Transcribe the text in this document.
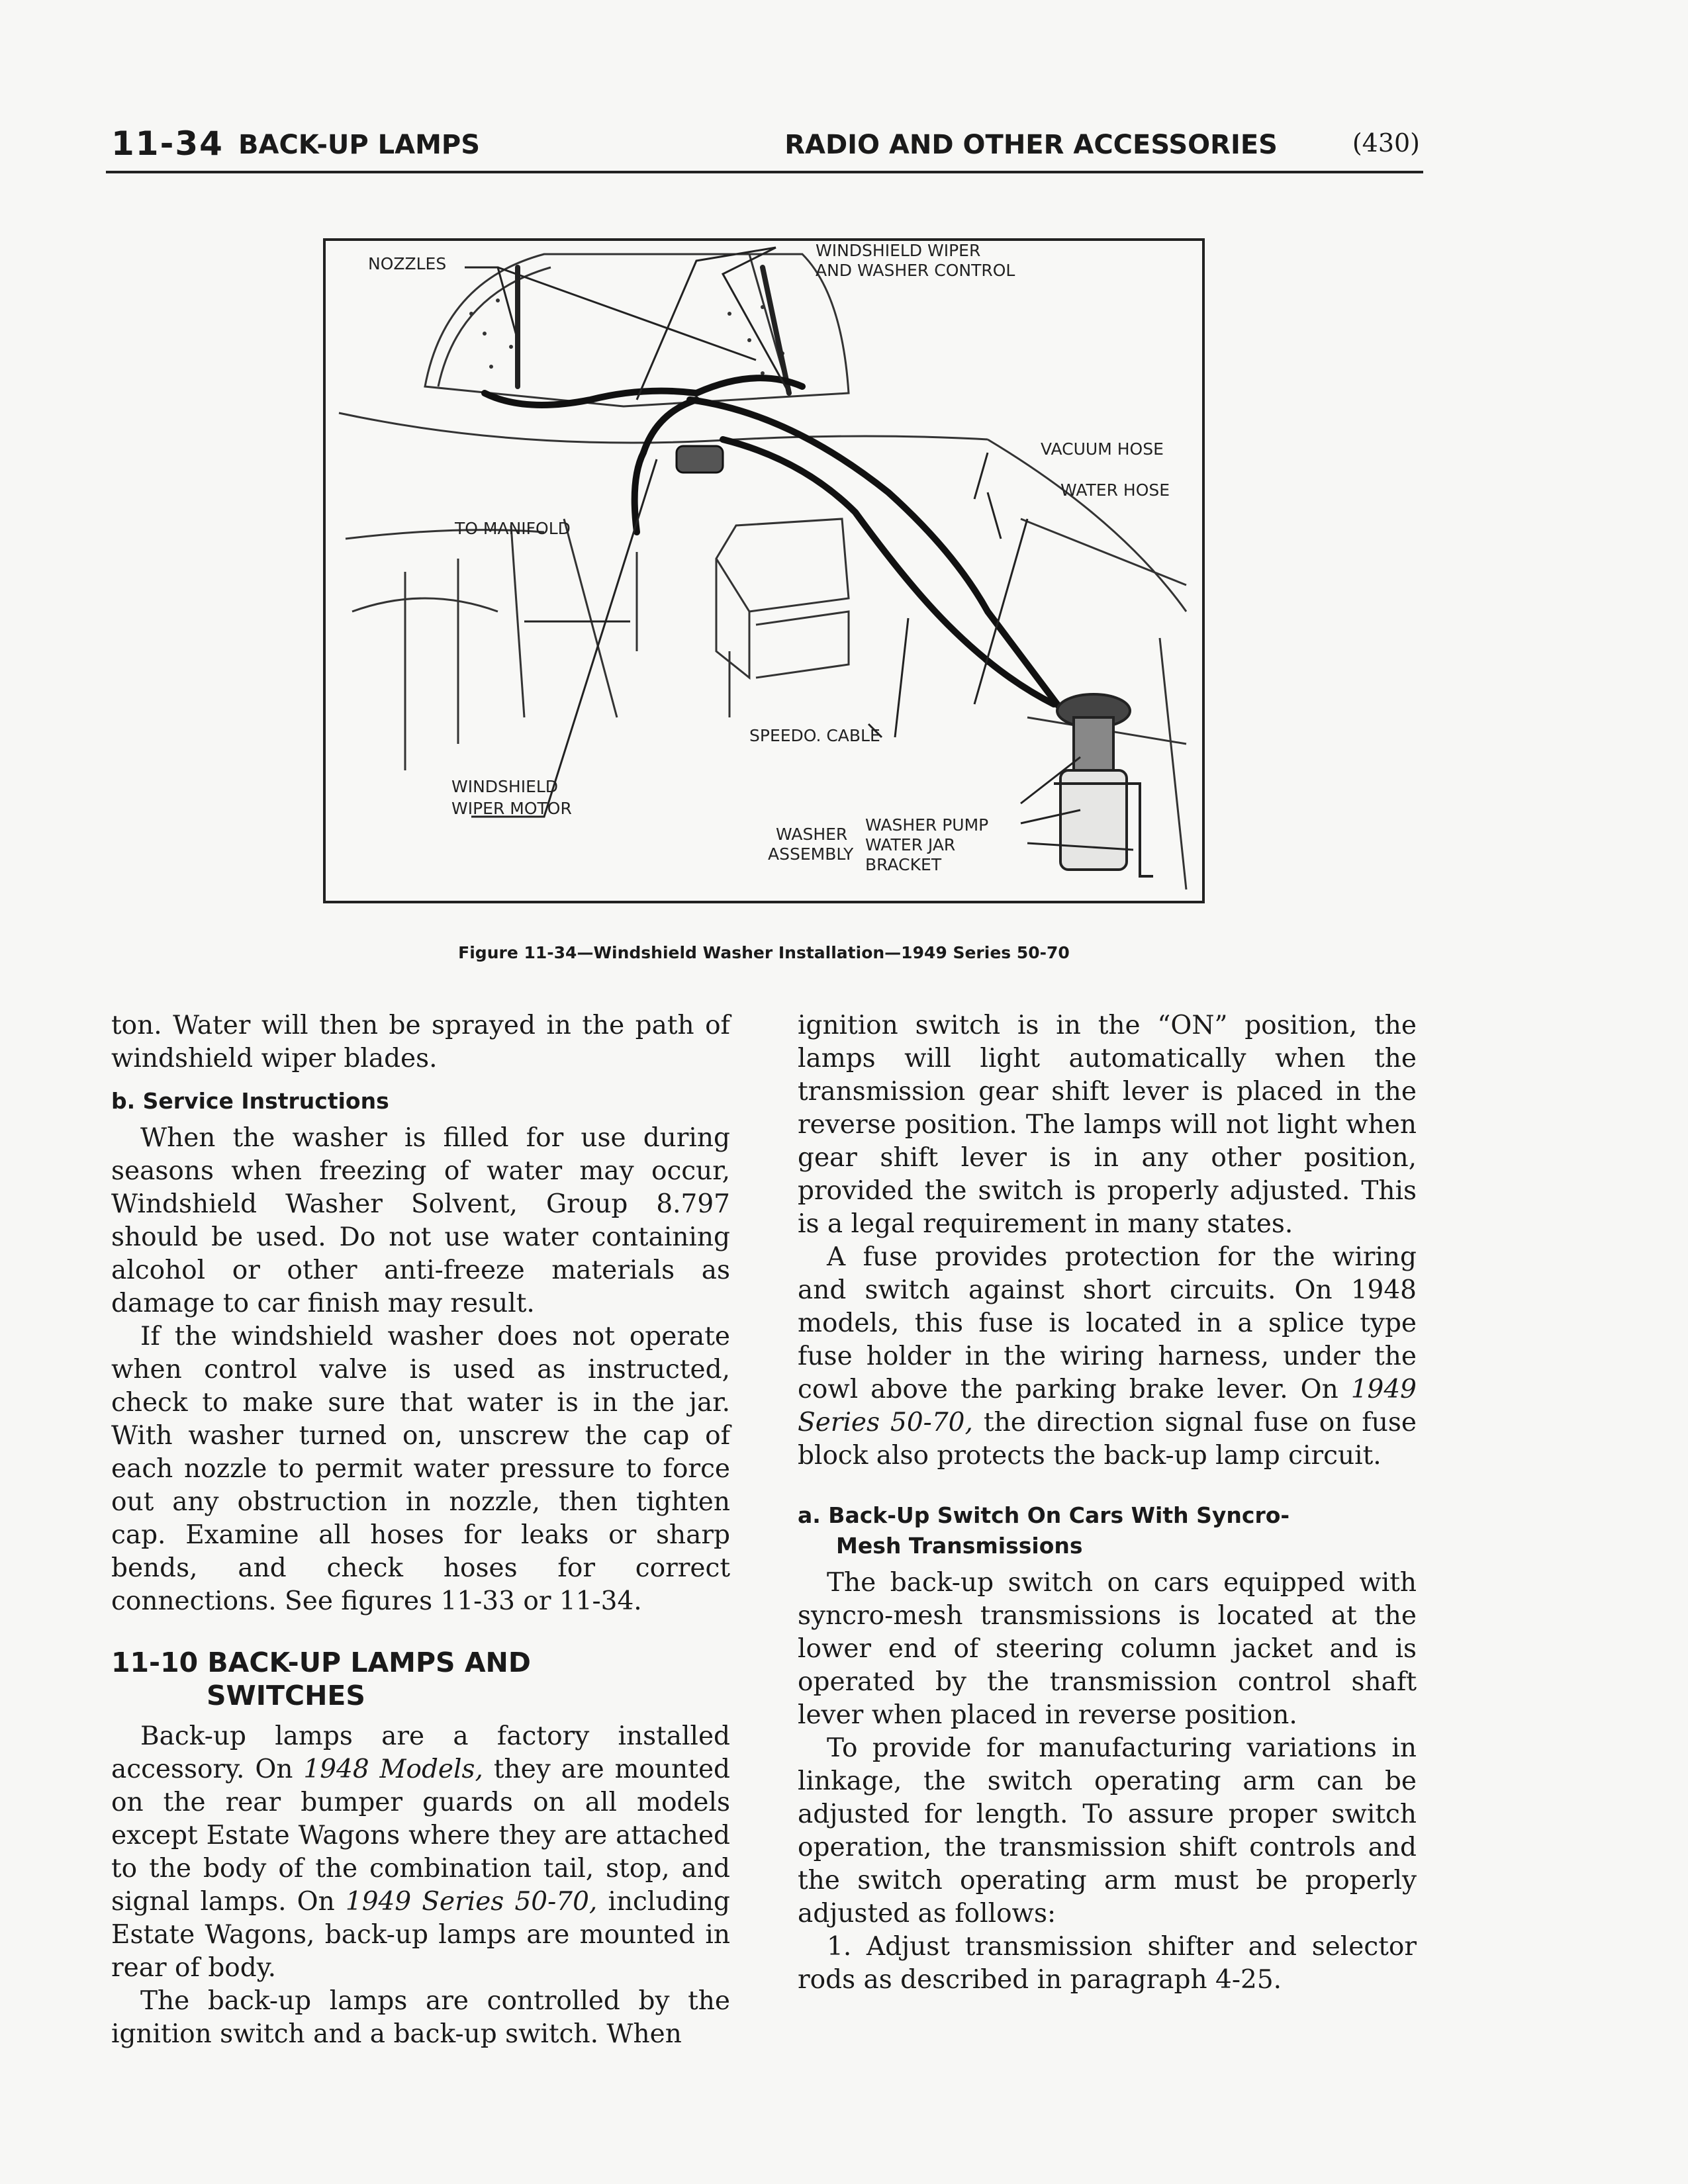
11-34 BACK-UP LAMPS	RADIO AND OTHER ACCESSORIES	(430)
NOZZLES
WINDSHIELD WIPER
AND WASHER CONTROL
VACUUM HOSE
WATER HOSE
TO MANIFOLD
SPEEDO. CABLE
WINDSHIELD
WIPER MOTOR
WASHER
ASSEMBLY
WASHER PUMP
WATER JAR
BRACKET
Figure 11-34—Windshield Washer Installation—1949 Series 50-70

ton. Water will then be sprayed in the path of windshield wiper blades.

b. Service Instructions

When the washer is filled for use during seasons when freezing of water may occur, Windshield Washer Solvent, Group 8.797 should be used. Do not use water containing alcohol or other anti-freeze materials as damage to car finish may result.

If the windshield washer does not operate when control valve is used as instructed, check to make sure that water is in the jar. With washer turned on, unscrew the cap of each nozzle to permit water pressure to force out any obstruction in nozzle, then tighten cap. Examine all hoses for leaks or sharp bends, and check hoses for correct connections. See figures 11-33 or 11-34.

11-10 BACK-UP LAMPS AND
SWITCHES

Back-up lamps are a factory installed accessory. On 1948 Models, they are mounted on the rear bumper guards on all models except Estate Wagons where they are attached to the body of the combination tail, stop, and signal lamps. On 1949 Series 50-70, including Estate Wagons, back-up lamps are mounted in rear of body.

The back-up lamps are controlled by the ignition switch and a back-up switch. When

ignition switch is in the “ON” position, the lamps will light automatically when the transmission gear shift lever is placed in the reverse position. The lamps will not light when gear shift lever is in any other position, provided the switch is properly adjusted. This is a legal requirement in many states.

A fuse provides protection for the wiring and switch against short circuits. On 1948 models, this fuse is located in a splice type fuse holder in the wiring harness, under the cowl above the parking brake lever. On 1949 Series 50-70, the direction signal fuse on fuse block also protects the back-up lamp circuit.

a. Back-Up Switch On Cars With Syncro-
Mesh Transmissions

The back-up switch on cars equipped with syncro-mesh transmissions is located at the lower end of steering column jacket and is operated by the transmission control shaft lever when placed in reverse position.

To provide for manufacturing variations in linkage, the switch operating arm can be adjusted for length. To assure proper switch operation, the transmission shift controls and the switch operating arm must be properly adjusted as follows:

1. Adjust transmission shifter and selector rods as described in paragraph 4-25.
